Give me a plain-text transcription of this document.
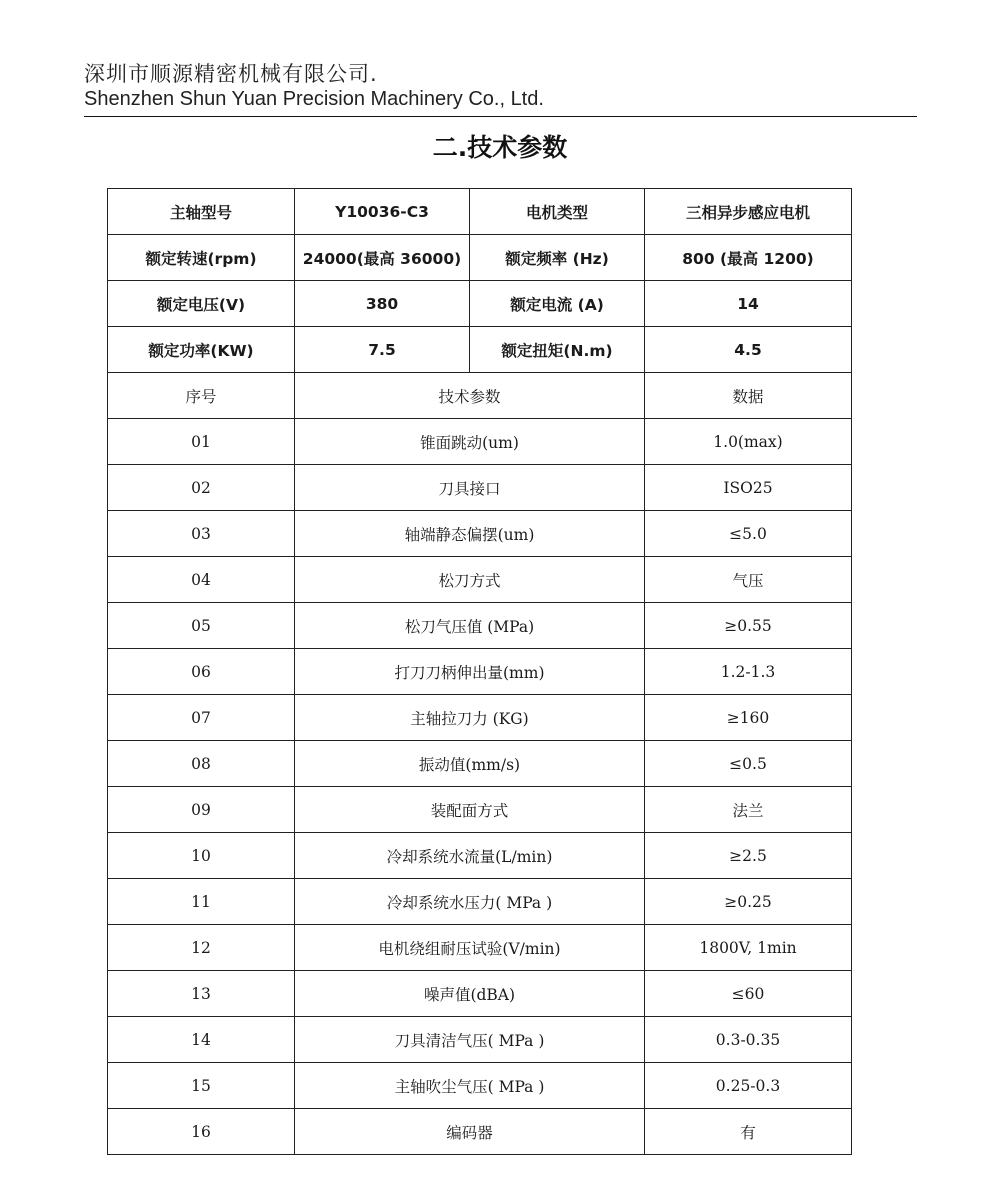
深圳市顺源精密机械有限公司.
Shenzhen Shun Yuan Precision Machinery Co., Ltd.
二.技术参数
主轴型号	Y10036-C3	电机类型	三相异步感应电机
额定转速(rpm)	24000(最高 36000)	额定频率 (Hz)	800 (最高 1200)
额定电压(V)	380	额定电流 (A)	14
额定功率(KW)	7.5	额定扭矩(N.m)	4.5
序号	技术参数		数据
01	锥面跳动(um)		1.0(max)
02	刀具接口		ISO25
03	轴端静态偏摆(um)		≤5.0
04	松刀方式		气压
05	松刀气压值 (MPa)		≥0.55
06	打刀刀柄伸出量(mm)		1.2-1.3
07	主轴拉刀力 (KG)		≥160
08	振动值(mm/s)		≤0.5
09	装配面方式		法兰
10	冷却系统水流量(L/min)		≥2.5
11	冷却系统水压力( MPa )		≥0.25
12	电机绕组耐压试验(V/min)		1800V, 1min
13	噪声值(dBA)		≤60
14	刀具清洁气压( MPa )		0.3-0.35
15	主轴吹尘气压( MPa )		0.25-0.3
16	编码器		有
